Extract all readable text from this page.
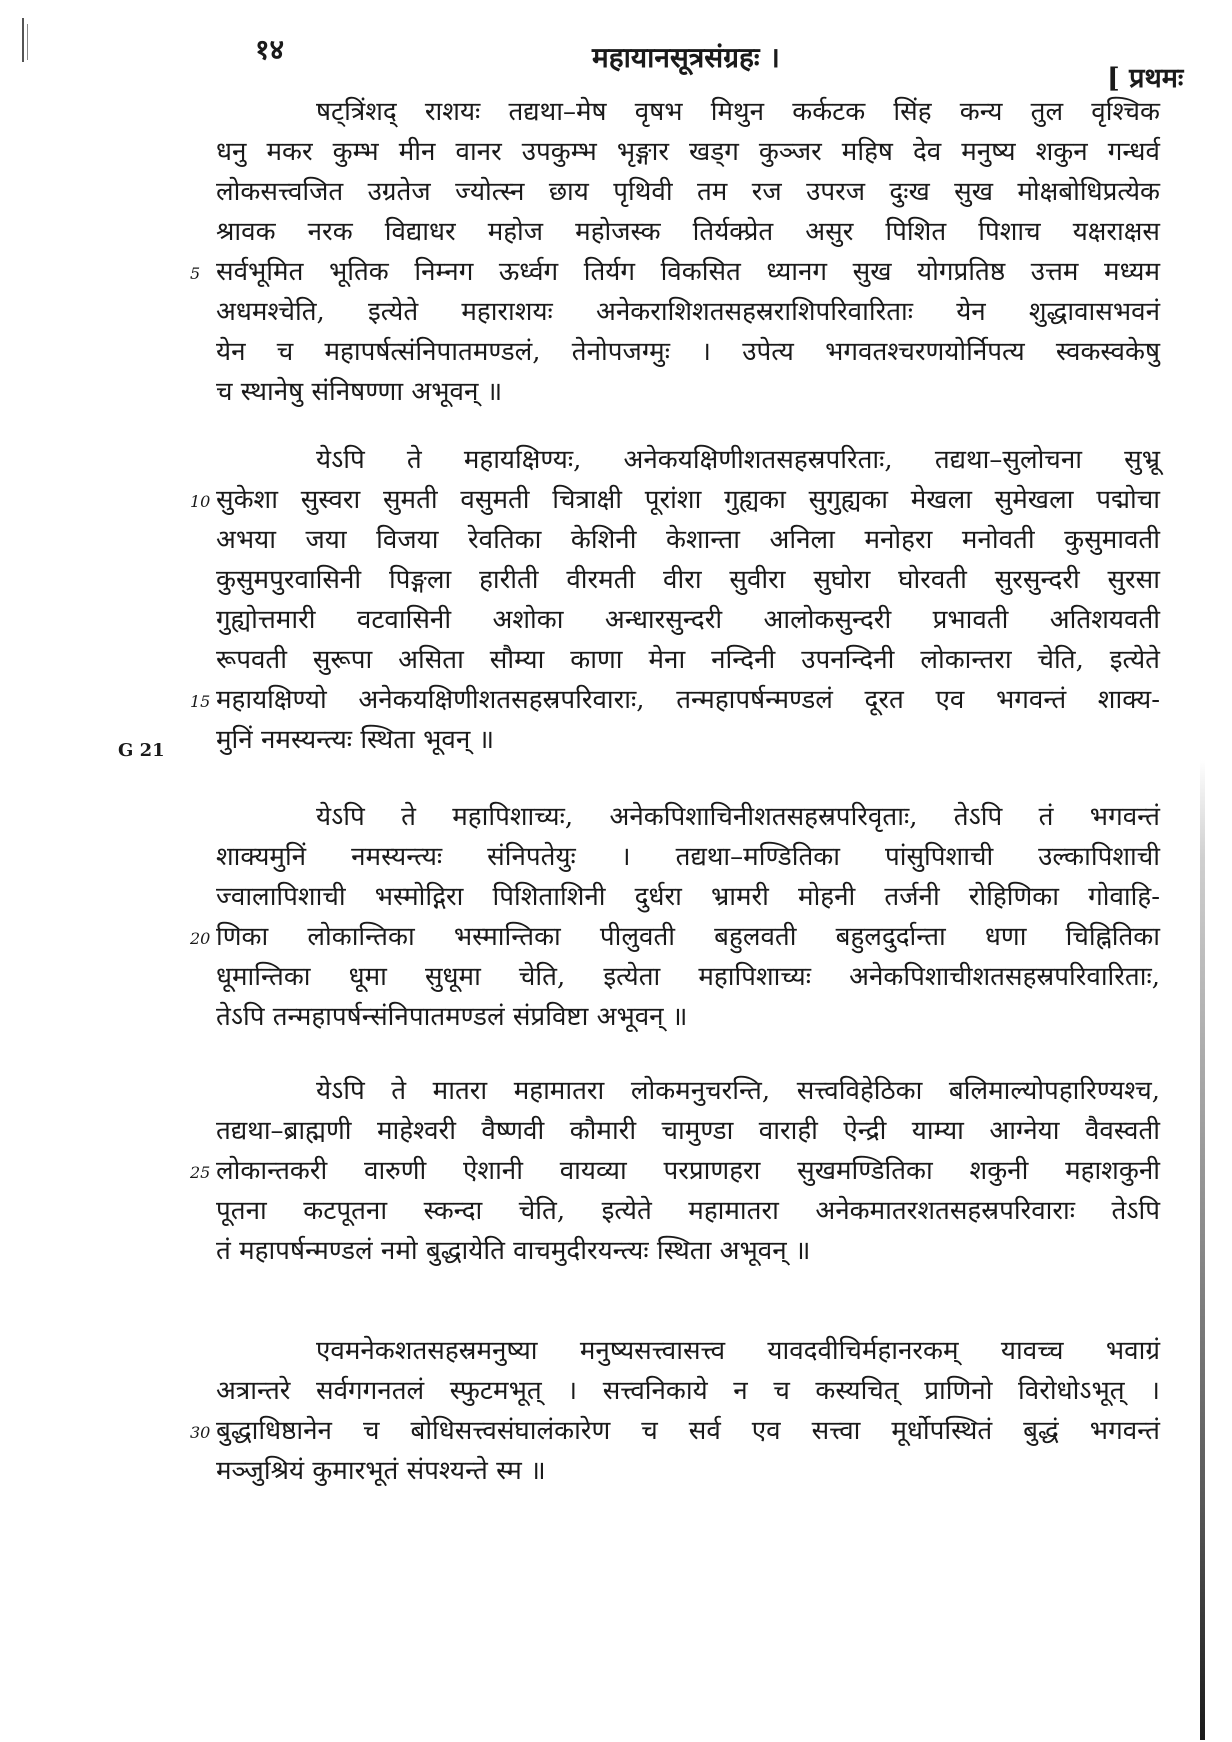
१४	महायानसूत्रसंग्रहः ।
[ प्रथमः
G 21
षट्त्रिंशद् राशयः तद्यथा–मेष वृषभ मिथुन कर्कटक सिंह कन्य तुल वृश्चिक
धनु मकर कुम्भ मीन वानर उपकुम्भ भृङ्गार खड्ग कुञ्जर महिष देव मनुष्य शकुन गन्धर्व
लोकसत्त्वजित उग्रतेज ज्योत्स्न छाय पृथिवी तम रज उपरज दुःख सुख मोक्षबोधिप्रत्येक
श्रावक नरक विद्याधर महोज महोजस्क तिर्यक्प्रेत असुर पिशित पिशाच यक्षराक्षस
5 सर्वभूमित भूतिक निम्नग ऊर्ध्वग तिर्यग विकसित ध्यानग सुख योगप्रतिष्ठ उत्तम मध्यम
अधमश्चेति, इत्येते महाराशयः अनेकराशिशतसहस्रराशिपरिवारिताः येन शुद्धावासभवनं
येन च महापर्षत्संनिपातमण्डलं, तेनोपजग्मुः । उपेत्य भगवतश्चरणयोर्निपत्य स्वकस्वकेषु
च स्थानेषु संनिषण्णा अभूवन् ॥
येऽपि ते महायक्षिण्यः, अनेकयक्षिणीशतसहस्रपरिताः, तद्यथा–सुलोचना सुभ्रू
10 सुकेशा सुस्वरा सुमती वसुमती चित्राक्षी पूरांशा गुह्यका सुगुह्यका मेखला सुमेखला पद्मोचा
अभया जया विजया रेवतिका केशिनी केशान्ता अनिला मनोहरा मनोवती कुसुमावती
कुसुमपुरवासिनी पिङ्गला हारीती वीरमती वीरा सुवीरा सुघोरा घोरवती सुरसुन्दरी सुरसा
गुह्योत्तमारी वटवासिनी अशोका अन्धारसुन्दरी आलोकसुन्दरी प्रभावती अतिशयवती
रूपवती सुरूपा असिता सौम्या काणा मेना नन्दिनी उपनन्दिनी लोकान्तरा चेति, इत्येते
15 महायक्षिण्यो अनेकयक्षिणीशतसहस्रपरिवाराः, तन्महापर्षन्मण्डलं दूरत एव भगवन्तं शाक्य-
मुनिं नमस्यन्त्यः स्थिता भूवन् ॥
येऽपि ते महापिशाच्यः, अनेकपिशाचिनीशतसहस्रपरिवृताः, तेऽपि तं भगवन्तं
शाक्यमुनिं नमस्यन्त्यः संनिपतेयुः । तद्यथा–मण्डितिका पांसुपिशाची उल्कापिशाची
ज्वालापिशाची भस्मोद्गिरा पिशिताशिनी दुर्धरा भ्रामरी मोहनी तर्जनी रोहिणिका गोवाहि-
20 णिका लोकान्तिका भस्मान्तिका पीलुवती बहुलवती बहुलदुर्दान्ता धणा चिह्नितिका
धूमान्तिका धूमा सुधूमा चेति, इत्येता महापिशाच्यः अनेकपिशाचीशतसहस्रपरिवारिताः,
तेऽपि तन्महापर्षन्संनिपातमण्डलं संप्रविष्टा अभूवन् ॥
येऽपि ते मातरा महामातरा लोकमनुचरन्ति, सत्त्वविहेठिका बलिमाल्योपहारिण्यश्च,
तद्यथा–ब्राह्मणी माहेश्वरी वैष्णवी कौमारी चामुण्डा वाराही ऐन्द्री याम्या आग्नेया वैवस्वती
25 लोकान्तकरी वारुणी ऐशानी वायव्या परप्राणहरा सुखमण्डितिका शकुनी महाशकुनी
पूतना कटपूतना स्कन्दा चेति, इत्येते महामातरा अनेकमातरशतसहस्रपरिवाराः तेऽपि
तं महापर्षन्मण्डलं नमो बुद्धायेति वाचमुदीरयन्त्यः स्थिता अभूवन् ॥
एवमनेकशतसहस्रमनुष्या मनुष्यसत्त्वासत्त्व यावदवीचिर्महानरकम् यावच्च भवाग्रं
अत्रान्तरे सर्वगगनतलं स्फुटमभूत् । सत्त्वनिकाये न च कस्यचित् प्राणिनो विरोधोऽभूत् ।
30 बुद्धाधिष्ठानेन च बोधिसत्त्वसंघालंकारेण च सर्व एव सत्त्वा मूर्धोपस्थितं बुद्धं भगवन्तं
मञ्जुश्रियं कुमारभूतं संपश्यन्ते स्म ॥
